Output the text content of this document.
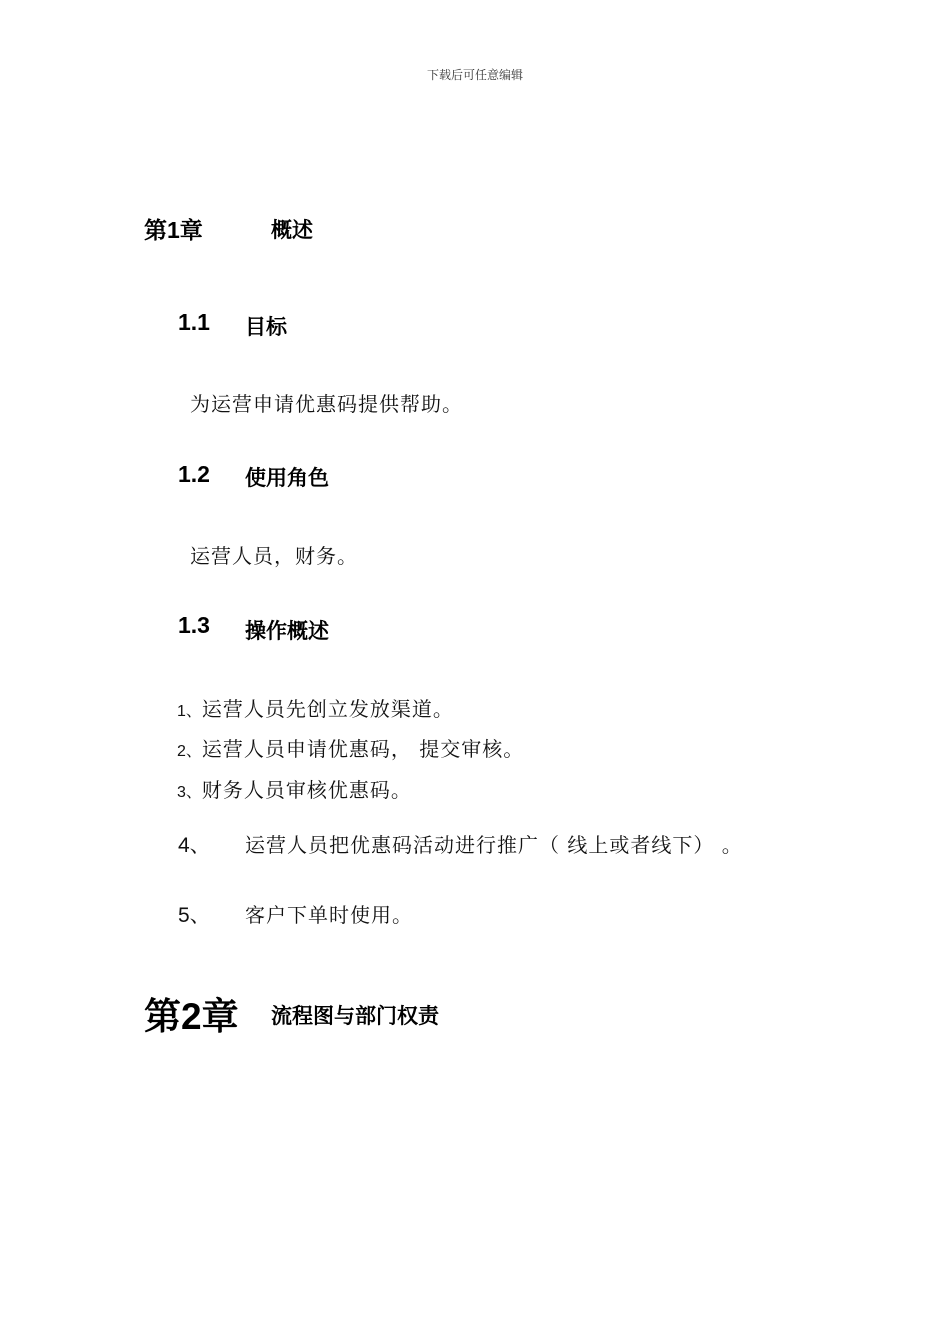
下载后可任意编辑
第1章	概述
1.1 目标
为运营申请优惠码提供帮助。
1.2 使用角色
运营人员，财务。
1.3 操作概述
1、运营人员先创立发放渠道。
2、运营人员申请优惠码， 提交审核。
3、财务人员审核优惠码。
4、 运营人员把优惠码活动进行推广（ 线上或者线下） 。
5、 客户下单时使用。
第2章 流程图与部门权责
